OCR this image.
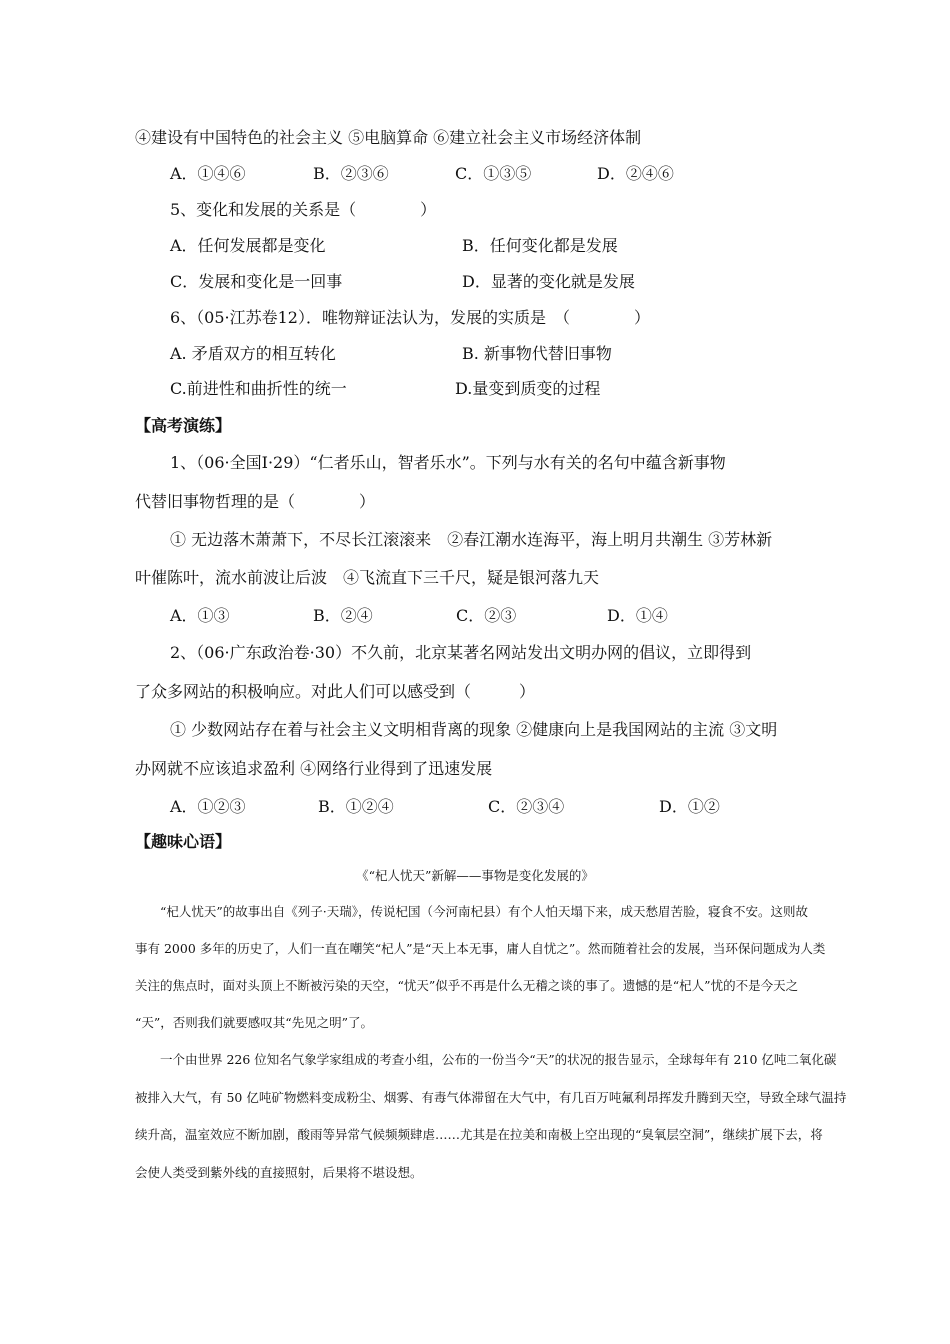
④建设有中国特色的社会主义 ⑤电脑算命 ⑥建立社会主义市场经济体制
A．①④⑥	B．②③⑥	C．①③⑤	D．②④⑥
5、变化和发展的关系是（　　　　）
A．任何发展都是变化	B．任何变化都是发展
C．发展和变化是一回事	D．显著的变化就是发展
6、（05·江苏卷12）．唯物辩证法认为，发展的实质是　（　　　　）
A. 矛盾双方的相互转化	B. 新事物代替旧事物
C.前进性和曲折性的统一	D.量变到质变的过程
【高考演练】
1、（06·全国Ⅰ·29）“仁者乐山，智者乐水”。下列与水有关的名句中蕴含新事物
代替旧事物哲理的是（　　　　）
① 无边落木萧萧下，不尽长江滚滚来　②春江潮水连海平，海上明月共潮生 ③芳林新
叶催陈叶，流水前波让后波　④飞流直下三千尺，疑是银河落九天
A．①③	B．②④	C．②③	D．①④
2、（06·广东政治卷·30）不久前，北京某著名网站发出文明办网的倡议，立即得到
了众多网站的积极响应。对此人们可以感受到（　　　）
① 少数网站存在着与社会主义文明相背离的现象 ②健康向上是我国网站的主流 ③文明
办网就不应该追求盈利 ④网络行业得到了迅速发展
A．①②③	B．①②④	C．②③④	D．①②
【趣味心语】
《“杞人忧天”新解——事物是变化发展的》
“杞人忧天”的故事出自《列子·天瑞》，传说杞国（今河南杞县）有个人怕天塌下来，成天愁眉苦脸，寝食不安。这则故
事有 2000 多年的历史了，人们一直在嘲笑“杞人”是“天上本无事，庸人自忧之”。然而随着社会的发展，当环保问题成为人类
关注的焦点时，面对头顶上不断被污染的天空，“忧天”似乎不再是什么无稽之谈的事了。遗憾的是“杞人”忧的不是今天之
“天”，否则我们就要感叹其“先见之明”了。
一个由世界 226 位知名气象学家组成的考查小组，公布的一份当今“天”的状况的报告显示，全球每年有 210 亿吨二氧化碳
被排入大气，有 50 亿吨矿物燃料变成粉尘、烟雾、有毒气体滞留在大气中，有几百万吨氟利昂挥发升腾到天空，导致全球气温持
续升高，温室效应不断加剧，酸雨等异常气候频频肆虐……尤其是在拉美和南极上空出现的“臭氧层空洞”，继续扩展下去，将
会使人类受到紫外线的直接照射，后果将不堪设想。
